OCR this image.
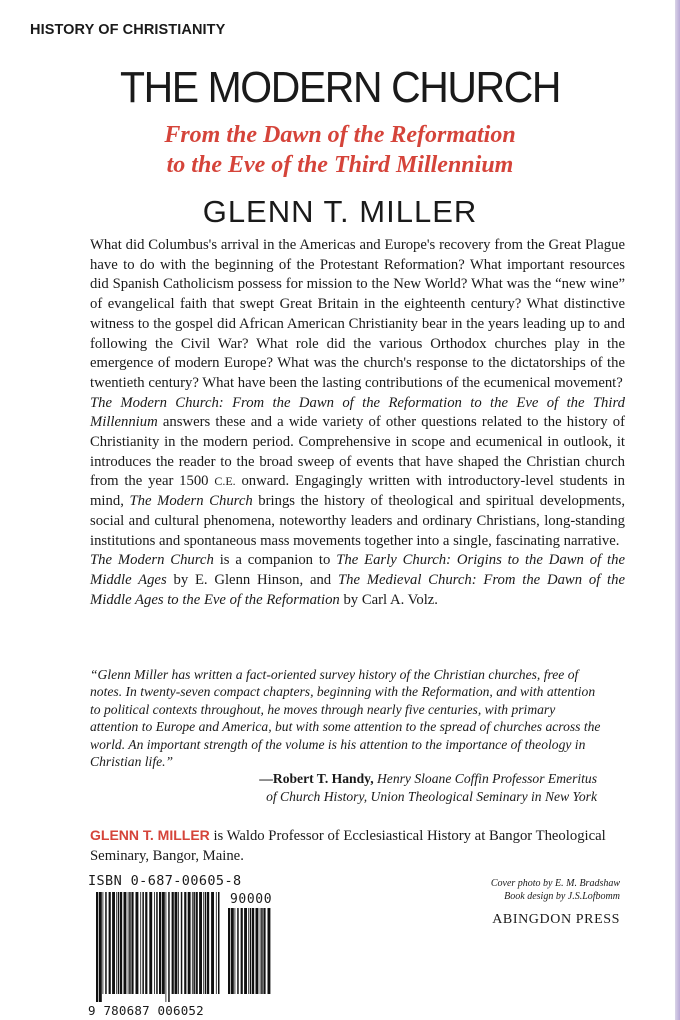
HISTORY OF CHRISTIANITY
THE MODERN CHURCH
From the Dawn of the Reformation
to the Eve of the Third Millennium
GLENN T. MILLER

What did Columbus's arrival in the Americas and Europe's recovery from the Great Plague have to do with the beginning of the Protestant Reformation? What important resources did Spanish Catholicism possess for mission to the New World? What was the “new wine” of evangelical faith that swept Great Britain in the eighteenth century? What distinctive witness to the gospel did African American Christianity bear in the years leading up to and following the Civil War? What role did the various Orthodox churches play in the emergence of modern Europe? What was the church's response to the dictatorships of the twentieth century? What have been the lasting contributions of the ecumenical movement?

The Modern Church: From the Dawn of the Reformation to the Eve of the Third Millennium answers these and a wide variety of other questions related to the history of Christianity in the modern period. Comprehensive in scope and ecumenical in outlook, it introduces the reader to the broad sweep of events that have shaped the Christian church from the year 1500 C.E. onward. Engagingly written with introductory-level students in mind, The Modern Church brings the history of theological and spiritual developments, social and cultural phenomena, noteworthy leaders and ordinary Christians, long-standing institutions and spontaneous mass movements together into a single, fascinating narrative.

The Modern Church is a companion to The Early Church: Origins to the Dawn of the Middle Ages by E. Glenn Hinson, and The Medieval Church: From the Dawn of the Middle Ages to the Eve of the Reformation by Carl A. Volz.

“Glenn Miller has written a fact-oriented survey history of the Christian churches, free of notes. In twenty-seven compact chapters, beginning with the Reformation, and with attention to political contexts throughout, he moves through nearly five centuries, with primary attention to Europe and America, but with some attention to the spread of churches across the world. An important strength of the volume is his attention to the importance of theology in Christian life.”

—Robert T. Handy, Henry Sloane Coffin Professor Emeritus
of Church History, Union Theological Seminary in New York
GLENN T. MILLER is Waldo Professor of Ecclesiastical History at Bangor Theological Seminary, Bangor, Maine.
ISBN 0-687-00605-8
90000
9 780687 006052
Cover photo by E. M. Bradshaw
Book design by J.S.Lofbomm
ABINGDON PRESS
